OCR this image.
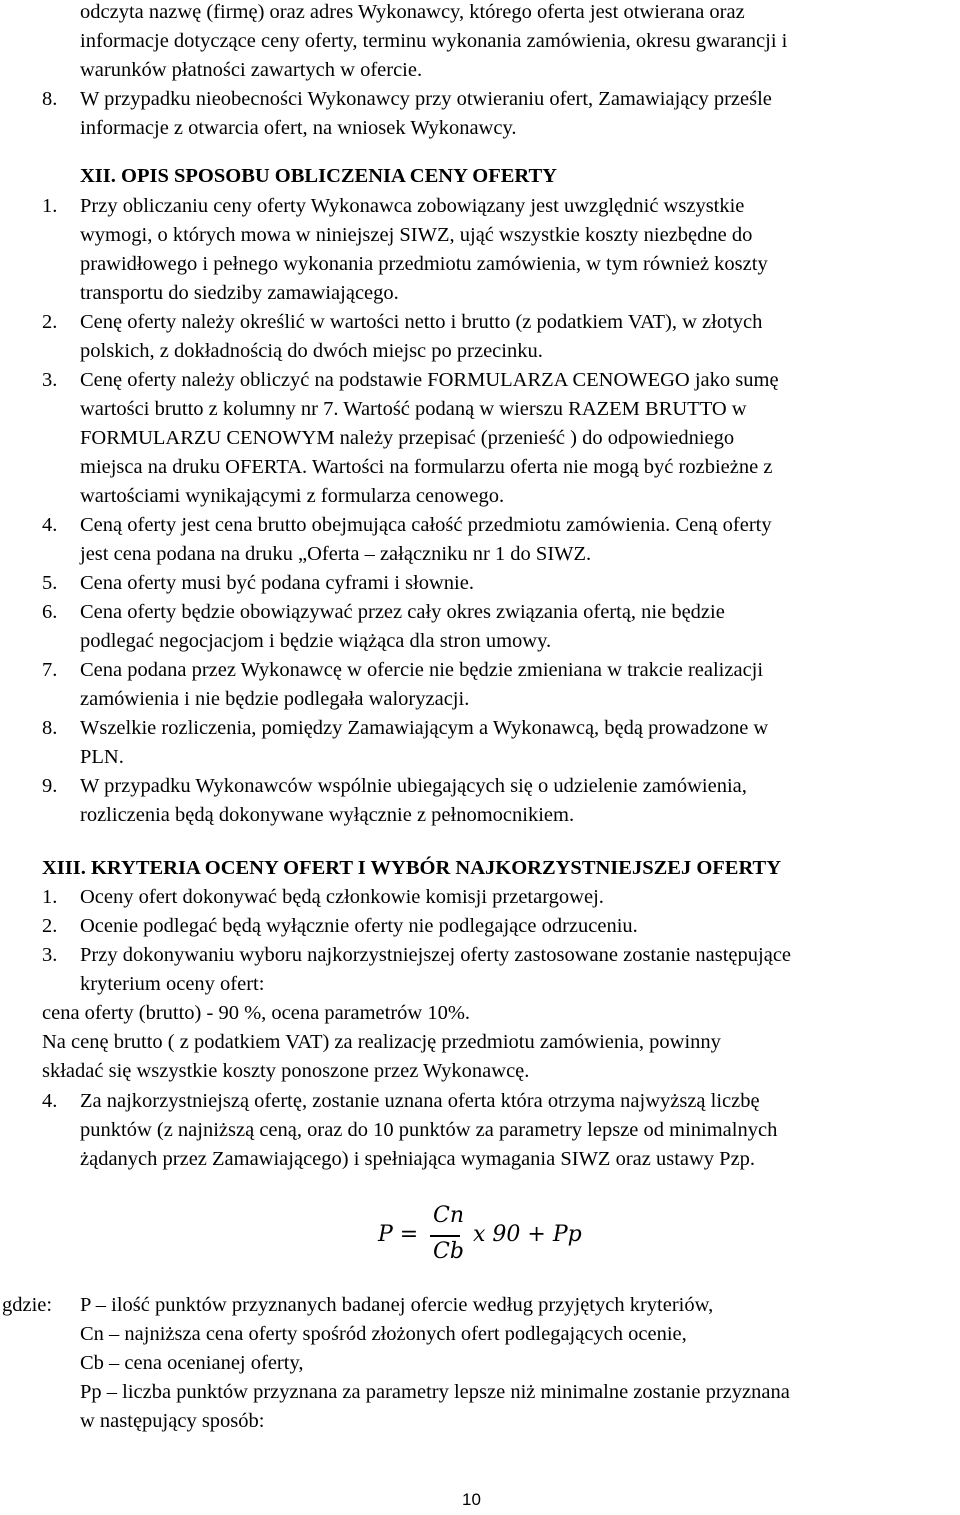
odczyta nazwę (firmę) oraz adres Wykonawcy, którego oferta jest otwierana oraz
informacje dotyczące ceny oferty, terminu wykonania zamówienia, okresu gwarancji i
warunków płatności zawartych w ofercie.
8. W przypadku nieobecności Wykonawcy przy otwieraniu ofert, Zamawiający prześle
informacje z otwarcia ofert, na wniosek Wykonawcy.
XII. OPIS SPOSOBU OBLICZENIA CENY OFERTY
1. Przy obliczaniu ceny oferty Wykonawca zobowiązany jest uwzględnić wszystkie
wymogi, o których mowa w niniejszej SIWZ, ująć wszystkie koszty niezbędne do
prawidłowego i pełnego wykonania przedmiotu zamówienia, w tym również koszty
transportu do siedziby zamawiającego.
2. Cenę oferty należy określić w wartości netto i brutto (z podatkiem VAT), w złotych
polskich, z dokładnością do dwóch miejsc po przecinku.
3. Cenę oferty należy obliczyć na podstawie FORMULARZA CENOWEGO jako sumę
wartości brutto z kolumny nr 7. Wartość podaną w wierszu RAZEM BRUTTO w
FORMULARZU CENOWYM należy przepisać (przenieść ) do odpowiedniego
miejsca na druku OFERTA. Wartości na formularzu oferta nie mogą być rozbieżne z
wartościami wynikającymi z formularza cenowego.
4. Ceną oferty jest cena brutto obejmująca całość przedmiotu zamówienia. Ceną oferty
jest cena podana na druku „Oferta – załączniku nr 1 do SIWZ.
5. Cena oferty musi być podana cyframi i słownie.
6. Cena oferty będzie obowiązywać przez cały okres związania ofertą, nie będzie
podlegać negocjacjom i będzie wiążąca dla stron umowy.
7. Cena podana przez Wykonawcę w ofercie nie będzie zmieniana w trakcie realizacji
zamówienia i nie będzie podlegała waloryzacji.
8. Wszelkie rozliczenia, pomiędzy Zamawiającym a Wykonawcą, będą prowadzone w
PLN.
9. W przypadku Wykonawców wspólnie ubiegających się o udzielenie zamówienia,
rozliczenia będą dokonywane wyłącznie z pełnomocnikiem.
XIII. KRYTERIA OCENY OFERT I WYBÓR NAJKORZYSTNIEJSZEJ OFERTY
1. Oceny ofert dokonywać będą członkowie komisji przetargowej.
2. Ocenie podlegać będą wyłącznie oferty nie podlegające odrzuceniu.
3. Przy dokonywaniu wyboru najkorzystniejszej oferty zastosowane zostanie następujące
kryterium oceny ofert:
cena oferty (brutto) - 90 %, ocena parametrów 10%.
Na cenę brutto ( z podatkiem VAT) za realizację przedmiotu zamówienia, powinny
składać się wszystkie koszty ponoszone przez Wykonawcę.
4. Za najkorzystniejszą ofertę, zostanie uznana oferta która otrzyma najwyższą liczbę
punktów (z najniższą ceną, oraz do 10 punktów za parametry lepsze od minimalnych
żądanych przez Zamawiającego) i spełniająca wymagania SIWZ oraz ustawy Pzp.
P =
Cn
Cb
x 90 + Pp
gdzie: P – ilość punktów przyznanych badanej ofercie według przyjętych kryteriów,
Cn – najniższa cena oferty spośród złożonych ofert podlegających ocenie,
Cb – cena ocenianej oferty,
Pp – liczba punktów przyznana za parametry lepsze niż minimalne zostanie przyznana
w następujący sposób:
10
